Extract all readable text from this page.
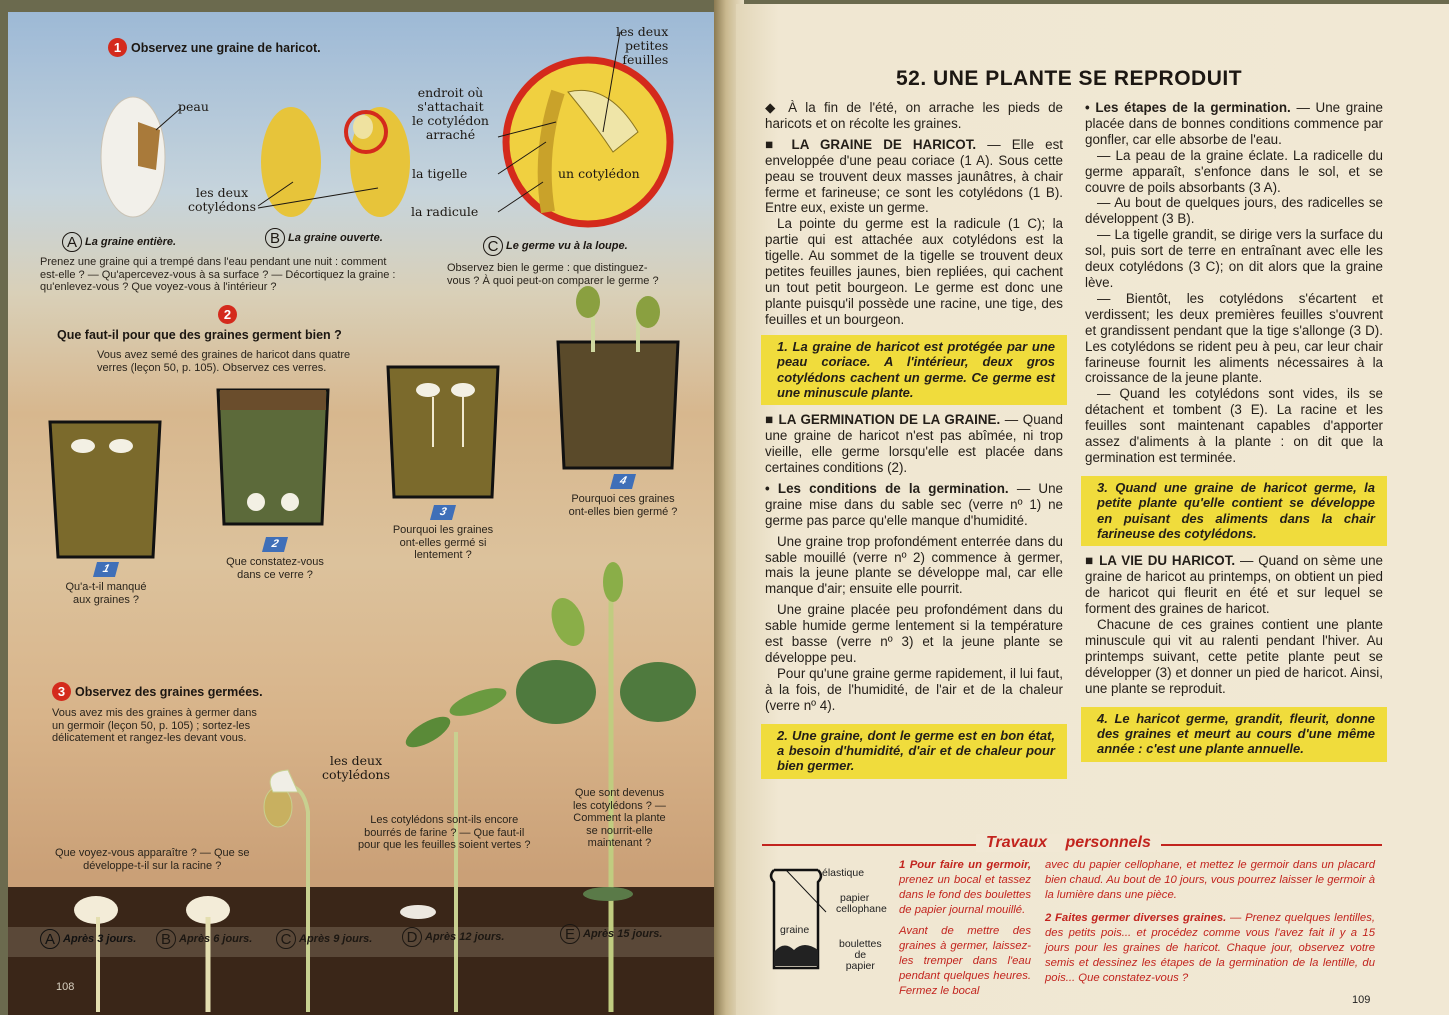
1 Observez une graine de haricot.
peau
les deux
cotylédons
endroit où
s'attachait
le cotylédon
arraché
la tigelle
la radicule
un cotylédon
les deux
petites
feuilles
A La graine entière.	B La graine ouverte.	C Le germe vu à la loupe.
Prenez une graine qui a trempé dans l'eau pendant une nuit : comment
est-elle ? — Qu'apercevez-vous à sa surface ? — Décortiquez la graine :
qu'enlevez-vous ? Que voyez-vous à l'intérieur ?
Observez bien le germe : que distinguez-
vous ? À quoi peut-on comparer le germe ?
2
Que faut-il pour que des graines germent bien ?
Vous avez semé des graines de haricot dans quatre
verres (leçon 50, p. 105). Observez ces verres.
1
Qu'a-t-il manqué
aux graines ?
2
Que constatez-vous
dans ce verre ?
3
Pourquoi les graines
ont-elles germé si
lentement ?
4
Pourquoi ces graines
ont-elles bien germé ?
3 Observez des graines germées.
Vous avez mis des graines à germer dans
un germoir (leçon 50, p. 105) ; sortez-les
délicatement et rangez-les devant vous.
les deux
cotylédons
Que voyez-vous apparaître ? — Que se
développe-t-il sur la racine ?
Les cotylédons sont-ils encore
bourrés de farine ? — Que faut-il
pour que les feuilles soient vertes ?
Que sont devenus
les cotylédons ? —
Comment la plante
se nourrit-elle
maintenant ?
A Après 3 jours.	B Après 6 jours.	C Après 9 jours.	D Après 12 jours.	E Après 15 jours.
108
52. UNE PLANTE SE REPRODUIT

◆ À la fin de l'été, on arrache les pieds de haricots et on récolte les graines.

■ LA GRAINE DE HARICOT. — Elle est enveloppée d'une peau coriace (1 A). Sous cette peau se trouvent deux masses jaunâtres, à chair ferme et farineuse; ce sont les cotylédons (1 B). Entre eux, existe un germe.

La pointe du germe est la radicule (1 C); la partie qui est attachée aux cotylédons est la tigelle. Au sommet de la tigelle se trouvent deux petites feuilles jaunes, bien repliées, qui cachent un tout petit bourgeon. Le germe est donc une plante puisqu'il possède une racine, une tige, des feuilles et un bourgeon.

1. La graine de haricot est protégée par une peau coriace. A l'intérieur, deux gros cotylédons cachent un germe. Ce germe est une minuscule plante.

■ LA GERMINATION DE LA GRAINE. — Quand une graine de haricot n'est pas abîmée, ni trop vieille, elle germe lorsqu'elle est placée dans certaines conditions (2).

• Les conditions de la germination. — Une graine mise dans du sable sec (verre nº 1) ne germe pas parce qu'elle manque d'humidité.

Une graine trop profondément enterrée dans du sable mouillé (verre nº 2) commence à germer, mais la jeune plante se développe mal, car elle manque d'air; ensuite elle pourrit.

Une graine placée peu profondément dans du sable humide germe lentement si la température est basse (verre nº 3) et la jeune plante se développe peu.

Pour qu'une graine germe rapidement, il lui faut, à la fois, de l'humidité, de l'air et de la chaleur (verre nº 4).

2. Une graine, dont le germe est en bon état, a besoin d'humidité, d'air et de chaleur pour bien germer.

• Les étapes de la germination. — Une graine placée dans de bonnes conditions commence par gonfler, car elle absorbe de l'eau.

— La peau de la graine éclate. La radicelle du germe apparaît, s'enfonce dans le sol, et se couvre de poils absorbants (3 A).

— Au bout de quelques jours, des radicelles se développent (3 B).

— La tigelle grandit, se dirige vers la surface du sol, puis sort de terre en entraînant avec elle les deux cotylédons (3 C); on dit alors que la graine lève.

— Bientôt, les cotylédons s'écartent et verdissent; les deux premières feuilles s'ouvrent et grandissent pendant que la tige s'allonge (3 D). Les cotylédons se rident peu à peu, car leur chair farineuse fournit les aliments nécessaires à la croissance de la jeune plante.

— Quand les cotylédons sont vides, ils se détachent et tombent (3 E). La racine et les feuilles sont maintenant capables d'apporter assez d'aliments à la plante : on dit que la germination est terminée.

3. Quand une graine de haricot germe, la petite plante qu'elle contient se développe en puisant des aliments dans la chair farineuse des cotylédons.

■ LA VIE DU HARICOT. — Quand on sème une graine de haricot au printemps, on obtient un pied de haricot qui fleurit en été et sur lequel se forment des graines de haricot.

Chacune de ces graines contient une plante minuscule qui vit au ralenti pendant l'hiver. Au printemps suivant, cette petite plante peut se développer (3) et donner un pied de haricot. Ainsi, une plante se reproduit.

4. Le haricot germe, grandit, fleurit, donne des graines et meurt au cours d'une même année : c'est une plante annuelle.
Travaux personnels
élastique
papier
cellophane
graine
boulettes
de
papier
1 Pour faire un germoir, prenez un bocal et tassez dans le fond des boulettes de papier journal mouillé.
Avant de mettre des graines à germer, laissez-les tremper dans l'eau pendant quelques heures. Fermez le bocal
avec du papier cellophane, et mettez le germoir dans un placard bien chaud. Au bout de 10 jours, vous pourrez laisser le germoir à la lumière dans une pièce.
2 Faites germer diverses graines. — Prenez quelques lentilles, des petits pois... et procédez comme vous l'avez fait il y a 15 jours pour les graines de haricot. Chaque jour, observez votre semis et dessinez les étapes de la germination de la lentille, du pois... Que constatez-vous ?
109
